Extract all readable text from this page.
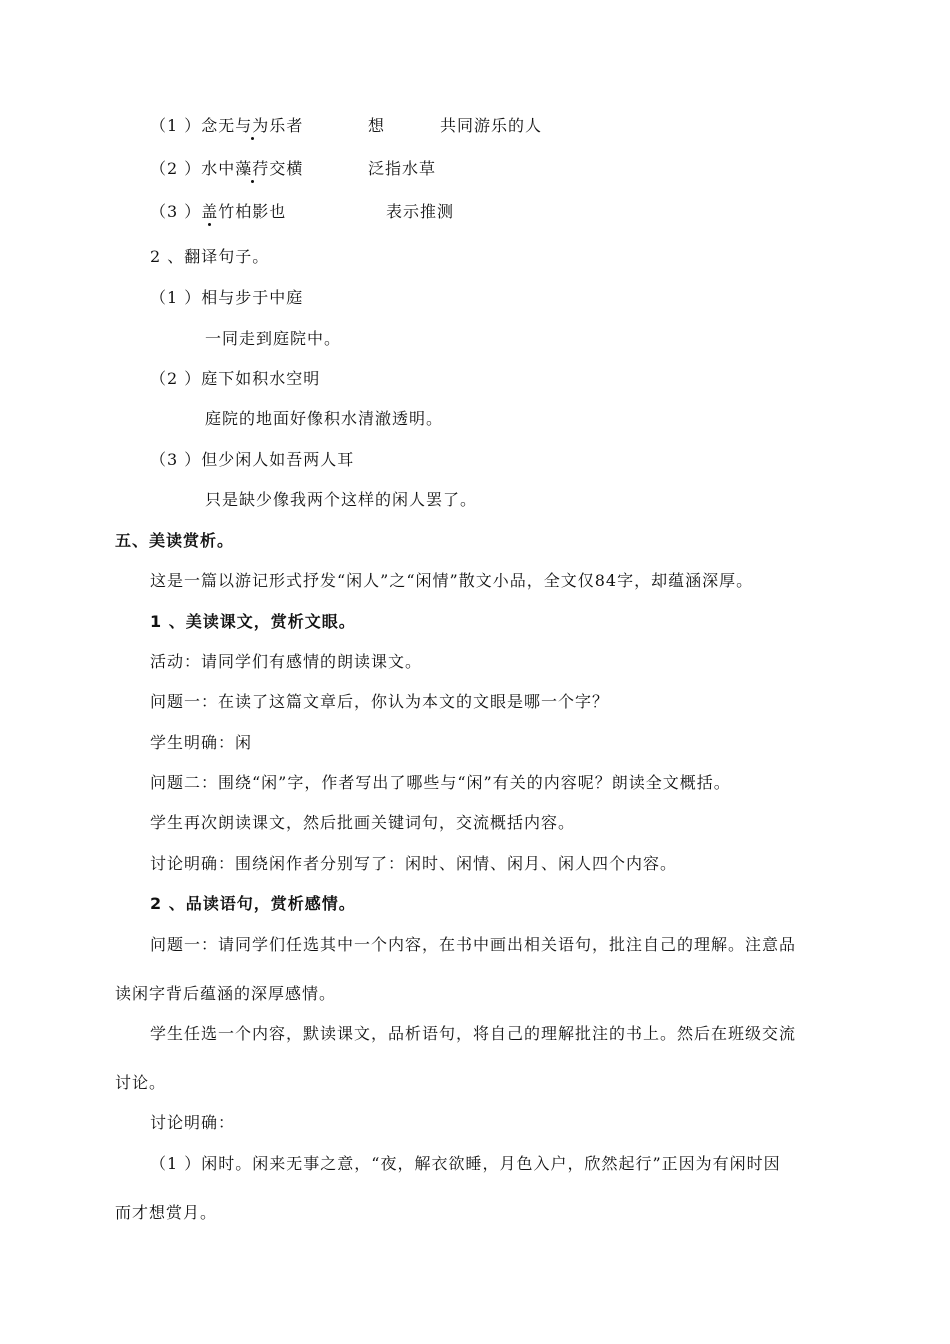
（1 ）念无与为乐者	想	共同游乐的人
（2 ）水中藻荇交横	泛指水草
（3 ）盖竹柏影也	表示推测
2 、翻译句子。
（1 ）相与步于中庭
一同走到庭院中。
（2 ）庭下如积水空明
庭院的地面好像积水清澈透明。
（3 ）但少闲人如吾两人耳
只是缺少像我两个这样的闲人罢了。
五、美读赏析。
这是一篇以游记形式抒发“闲人”之“闲情”散文小品，全文仅84字，却蕴涵深厚。
1 、美读课文，赏析文眼。
活动：请同学们有感情的朗读课文。
问题一：在读了这篇文章后，你认为本文的文眼是哪一个字？
学生明确：闲
问题二：围绕“闲”字，作者写出了哪些与“闲”有关的内容呢？朗读全文概括。
学生再次朗读课文，然后批画关键词句，交流概括内容。
讨论明确：围绕闲作者分别写了：闲时、闲情、闲月、闲人四个内容。
2 、品读语句，赏析感情。
问题一：请同学们任选其中一个内容，在书中画出相关语句，批注自己的理解。注意品
读闲字背后蕴涵的深厚感情。
学生任选一个内容，默读课文，品析语句，将自己的理解批注的书上。然后在班级交流
讨论。
讨论明确：
（1 ）闲时。闲来无事之意，“夜，解衣欲睡，月色入户，欣然起行”正因为有闲时因
而才想赏月。
